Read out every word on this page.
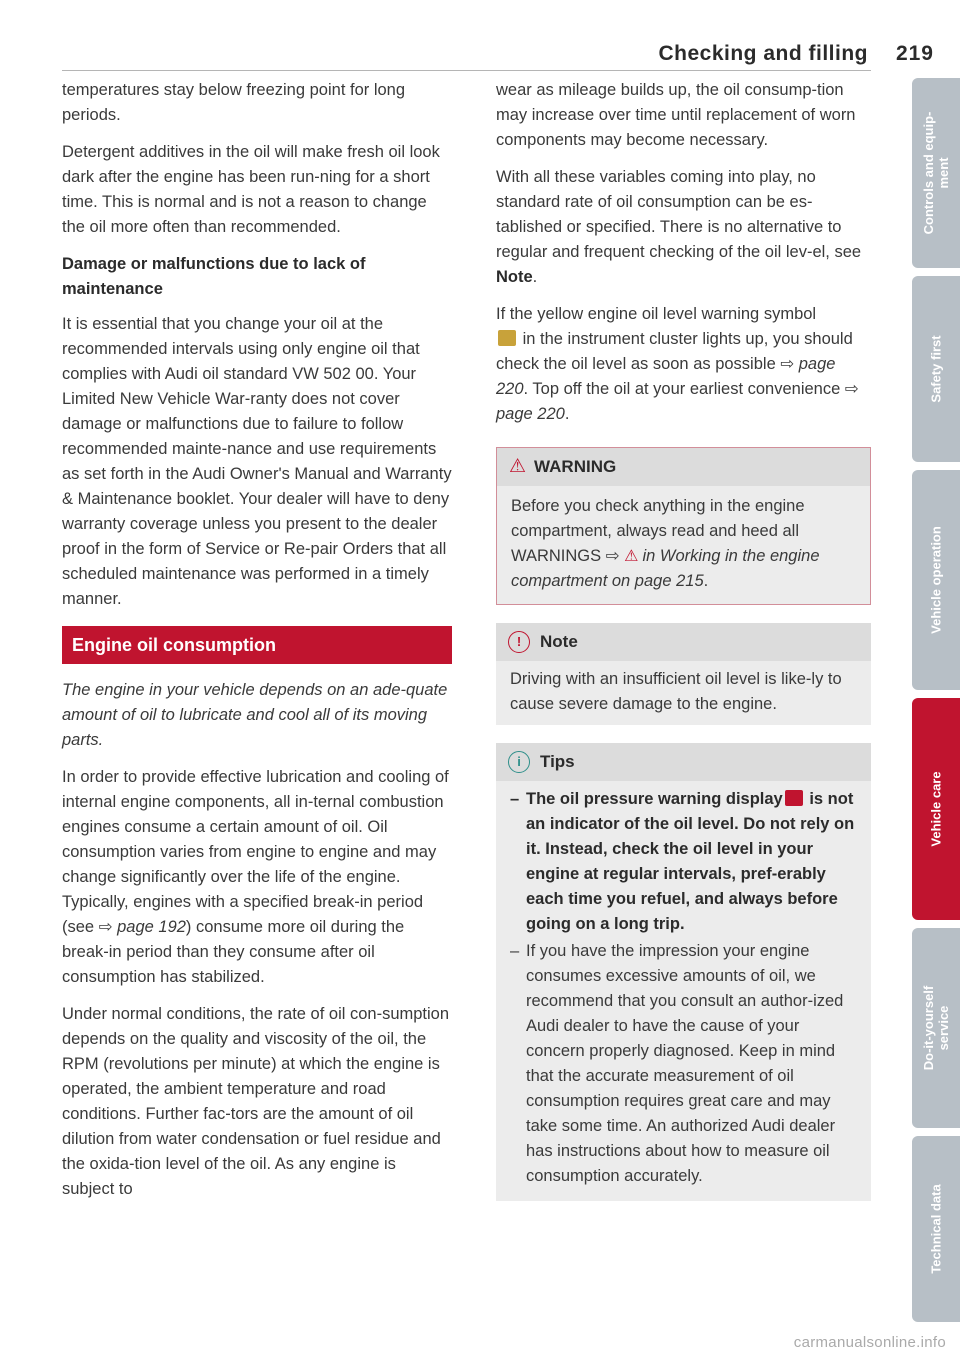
Checking and filling 219

temperatures stay below freezing point for long periods.

Detergent additives in the oil will make fresh oil look dark after the engine has been run-ning for a short time. This is normal and is not a reason to change the oil more often than recommended.

Damage or malfunctions due to lack of maintenance

It is essential that you change your oil at the recommended intervals using only engine oil that complies with Audi oil standard VW 502 00. Your Limited New Vehicle War-ranty does not cover damage or malfunctions due to failure to follow recommended mainte-nance and use requirements as set forth in the Audi Owner's Manual and Warranty & Maintenance booklet. Your dealer will have to deny warranty coverage unless you present to the dealer proof in the form of Service or Re-pair Orders that all scheduled maintenance was performed in a timely manner.

Engine oil consumption

The engine in your vehicle depends on an ade-quate amount of oil to lubricate and cool all of its moving parts.

In order to provide effective lubrication and cooling of internal engine components, all in-ternal combustion engines consume a certain amount of oil. Oil consumption varies from engine to engine and may change significantly over the life of the engine. Typically, engines with a specified break-in period (see ⇨ page 192) consume more oil during the break-in period than they consume after oil consumption has stabilized.

Under normal conditions, the rate of oil con-sumption depends on the quality and viscosity of the oil, the RPM (revolutions per minute) at which the engine is operated, the ambient temperature and road conditions. Further fac-tors are the amount of oil dilution from water condensation or fuel residue and the oxida-tion level of the oil. As any engine is subject to

wear as mileage builds up, the oil consump-tion may increase over time until replacement of worn components may become necessary.

With all these variables coming into play, no standard rate of oil consumption can be es-tablished or specified. There is no alternative to regular and frequent checking of the oil lev-el, see Note.

If the yellow engine oil level warning symbol
in the instrument cluster lights up, you should check the oil level as soon as possible ⇨ page 220. Top off the oil at your earliest convenience ⇨ page 220.

⚠ WARNING
Before you check anything in the engine compartment, always read and heed all WARNINGS ⇨ ⚠ in Working in the engine compartment on page 215.
! Note
Driving with an insufficient oil level is like-ly to cause severe damage to the engine.
i Tips
– The oil pressure warning display is not an indicator of the oil level. Do not rely on it. Instead, check the oil level in your engine at regular intervals, pref-erably each time you refuel, and always before going on a long trip.
– If you have the impression your engine consumes excessive amounts of oil, we recommend that you consult an author-ized Audi dealer to have the cause of your concern properly diagnosed. Keep in mind that the accurate measurement of oil consumption requires great care and may take some time. An authorized Audi dealer has instructions about how to measure oil consumption accurately.
Controls and equip-
ment
Safety first
Vehicle operation
Vehicle care
Do-it-yourself
service
Technical data
carmanualsonline.info
